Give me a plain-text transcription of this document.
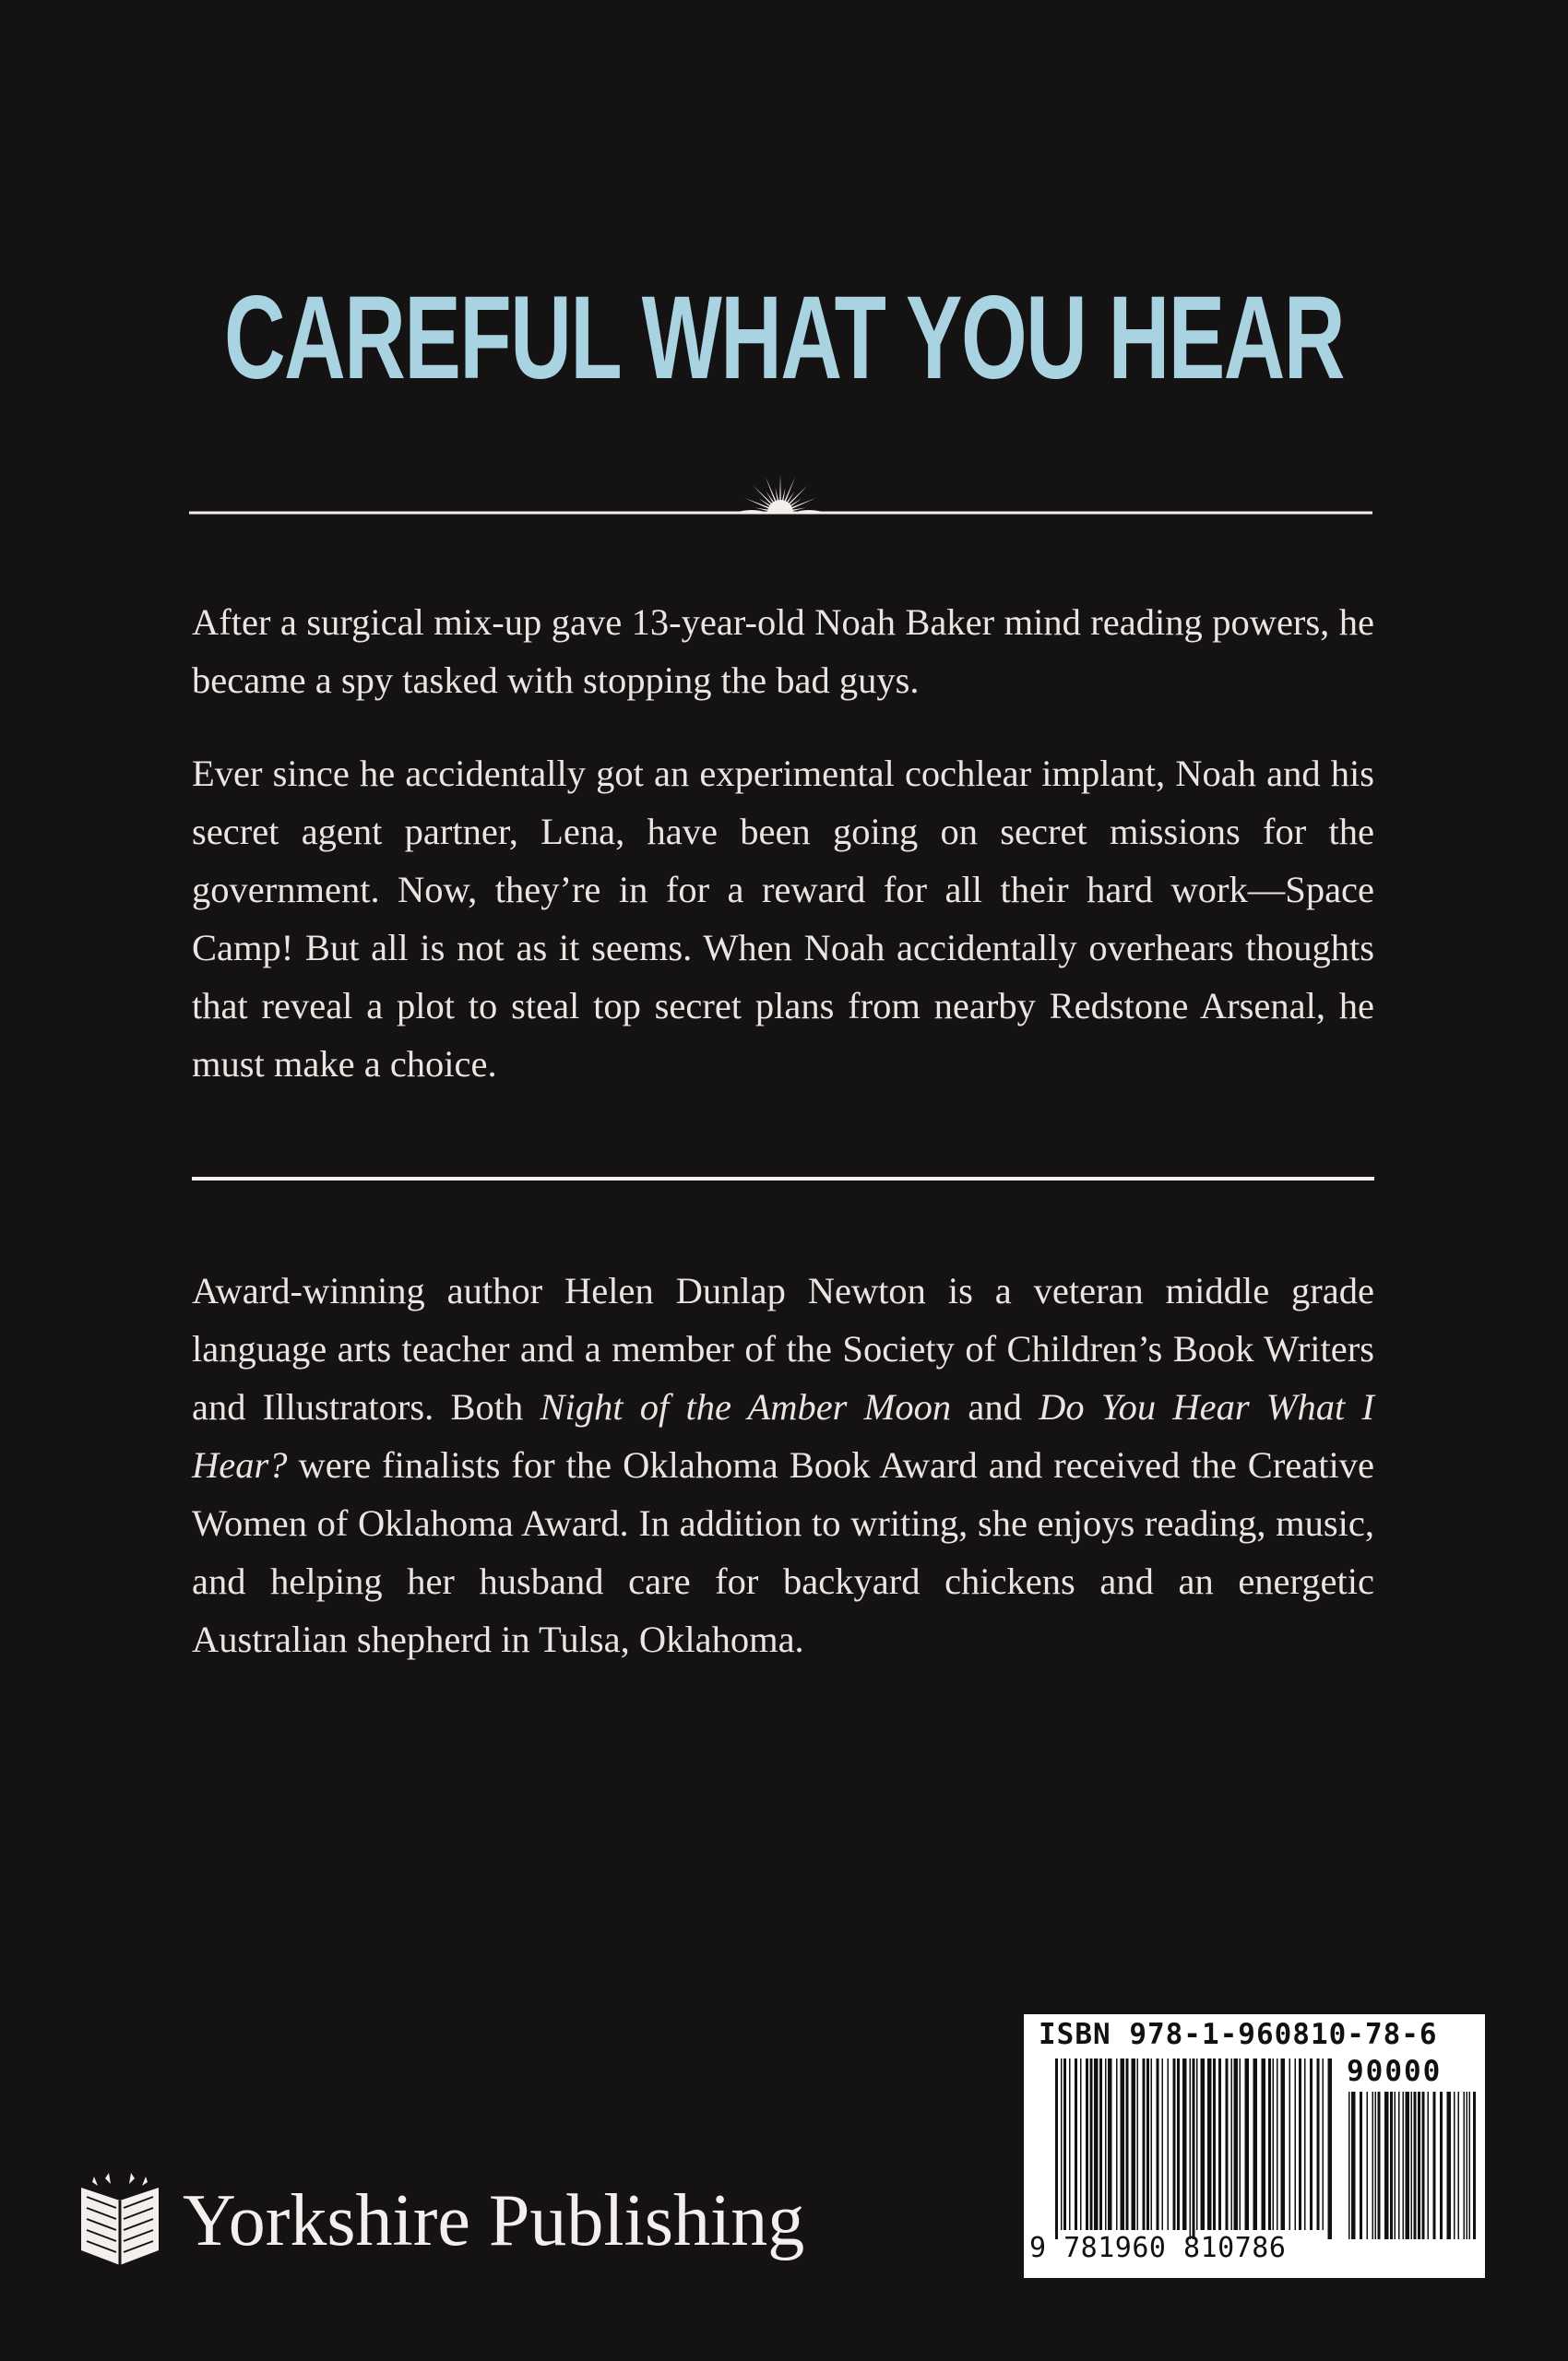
CAREFUL WHAT YOU HEAR

After a surgical mix-up gave 13-year-old Noah Baker mind reading powers, he became a spy tasked with stopping the bad guys.

Ever since he accidentally got an experimental cochlear implant, Noah and his secret agent partner, Lena, have been going on secret missions for the government. Now, they’re in for a reward for all their hard work—Space Camp! But all is not as it seems. When Noah accidentally overhears thoughts that reveal a plot to steal top secret plans from nearby Redstone Arsenal, he must make a choice.

Award-winning author Helen Dunlap Newton is a veteran middle grade language arts teacher and a member of the Society of Children’s Book Writers and Illustrators. Both Night of the Amber Moon and Do You Hear What I Hear? were finalists for the Oklahoma Book Award and received the Creative Women of Oklahoma Award. In addition to writing, she enjoys reading, music, and helping her husband care for backyard chickens and an energetic Australian shepherd in Tulsa, Oklahoma.

ISBN 978-1-960810-78-6
90000
9 781960 810786
Yorkshire Publishing
